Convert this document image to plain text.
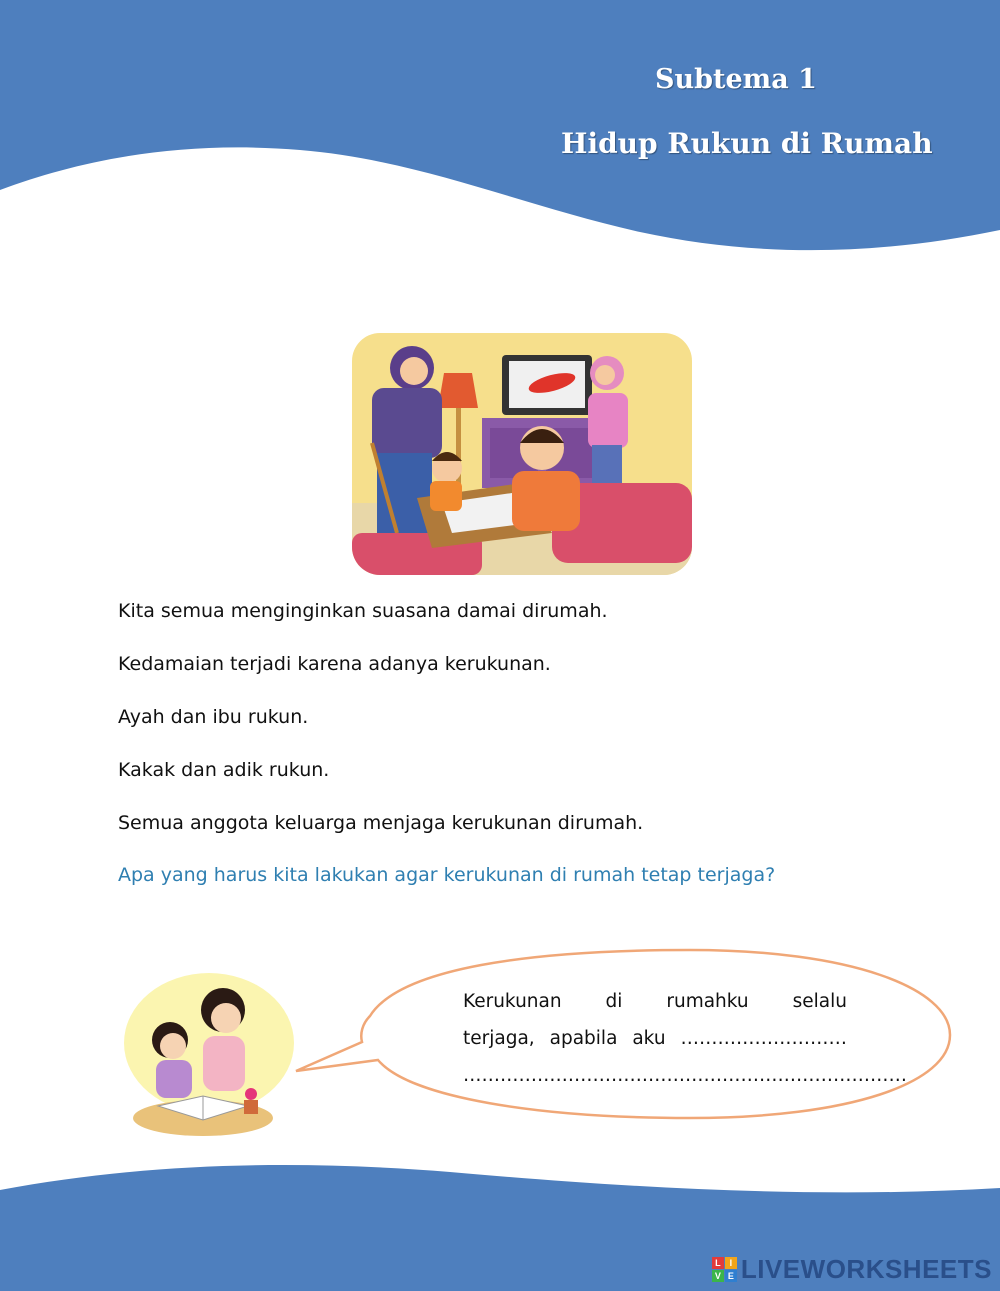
Subtema 1
Hidup Rukun di Rumah
Kita semua menginginkan suasana damai dirumah.
Kedamaian terjadi karena adanya kerukunan.
Ayah dan ibu rukun.
Kakak dan adik rukun.
Semua anggota keluarga menjaga kerukunan dirumah.
Apa yang harus kita lakukan agar kerukunan di rumah tetap terjaga?
Kerukunan di rumahku selalu
terjaga, apabila aku ………………………
………………………………………………………………
L I
V E LIVEWORKSHEETS
